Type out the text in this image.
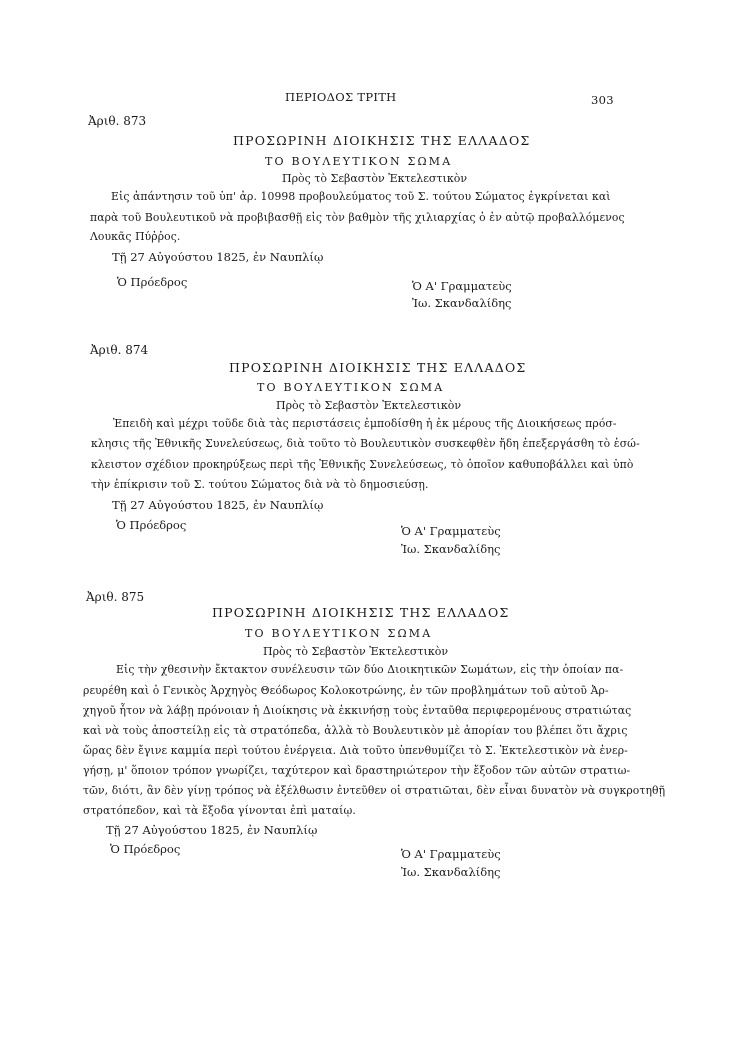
ΠΕΡΙΟΔΟΣ ΤΡΙΤΗ	303
Ἀριθ. 873
ΠΡΟΣΩΡΙΝΗ ΔΙΟΙΚΗΣΙΣ ΤΗΣ ΕΛΛΑΔΟΣ
ΤΟ ΒΟΥΛΕΥΤΙΚΟΝ ΣΩΜΑ
Πρὸς τὸ Σεβαστὸν Ἐκτελεστικὸν
Εἰς ἀπάντησιν τοῦ ὑπ' ἀρ. 10998 προβουλεύματος τοῦ Σ. τούτου Σώματος ἐγκρίνεται καὶ
παρὰ τοῦ Βουλευτικοῦ νὰ προβιβασθῇ εἰς τὸν βαθμὸν τῆς χιλιαρχίας ὁ ἐν αὐτῷ προβαλλόμενος
Λουκᾶς Πύῤῥος.
Τῇ 27 Αὐγούστου 1825, ἐν Ναυπλίῳ
Ὁ Πρόεδρος	Ὁ Α' Γραμματεὺς
Ἰω. Σκανδαλίδης
Ἀριθ. 874
ΠΡΟΣΩΡΙΝΗ ΔΙΟΙΚΗΣΙΣ ΤΗΣ ΕΛΛΑΔΟΣ
ΤΟ ΒΟΥΛΕΥΤΙΚΟΝ ΣΩΜΑ
Πρὸς τὸ Σεβαστὸν Ἐκτελεστικὸν
Ἐπειδὴ καὶ μέχρι τοῦδε διὰ τὰς περιστάσεις ἐμποδίσθη ἡ ἐκ μέρους τῆς Διοικήσεως πρόσ-
κλησις τῆς Ἐθνικῆς Συνελεύσεως, διὰ τοῦτο τὸ Βουλευτικὸν συσκεφθὲν ἤδη ἐπεξεργάσθη τὸ ἐσώ-
κλειστον σχέδιον προκηρύξεως περὶ τῆς Ἐθνικῆς Συνελεύσεως, τὸ ὁποῖον καθυποβάλλει καὶ ὑπὸ
τὴν ἐπίκρισιν τοῦ Σ. τούτου Σώματος διὰ νὰ τὸ δημοσιεύσῃ.
Τῇ 27 Αὐγούστου 1825, ἐν Ναυπλίῳ
Ὁ Πρόεδρος	Ὁ Α' Γραμματεὺς
Ἰω. Σκανδαλίδης
Ἀριθ. 875
ΠΡΟΣΩΡΙΝΗ ΔΙΟΙΚΗΣΙΣ ΤΗΣ ΕΛΛΑΔΟΣ
ΤΟ ΒΟΥΛΕΥΤΙΚΟΝ ΣΩΜΑ
Πρὸς τὸ Σεβαστὸν Ἐκτελεστικὸν
Εἰς τὴν χθεσινὴν ἔκτακτον συνέλευσιν τῶν δύο Διοικητικῶν Σωμάτων, εἰς τὴν ὁποίαν πα-
ρευρέθη καὶ ὁ Γενικὸς Ἀρχηγὸς Θεόδωρος Κολοκοτρώνης, ἐν τῶν προβλημάτων τοῦ αὐτοῦ Ἀρ-
χηγοῦ ἦτον νὰ λάβῃ πρόνοιαν ἡ Διοίκησις νὰ ἐκκινήσῃ τοὺς ἐνταῦθα περιφερομένους στρατιώτας
καὶ νὰ τοὺς ἀποστείλῃ εἰς τὰ στρατόπεδα, ἀλλὰ τὸ Βουλευτικὸν μὲ ἀπορίαν του βλέπει ὅτι ἄχρις
ὥρας δὲν ἔγινε καμμία περὶ τούτου ἐνέργεια. Διὰ τοῦτο ὑπενθυμίζει τὸ Σ. Ἐκτελεστικὸν νὰ ἐνερ-
γήσῃ, μ' ὅποιον τρόπον γνωρίζει, ταχύτερον καὶ δραστηριώτερον τὴν ἔξοδον τῶν αὐτῶν στρατιω-
τῶν, διότι, ἂν δὲν γίνῃ τρόπος νὰ ἐξέλθωσιν ἐντεῦθεν οἱ στρατιῶται, δὲν εἶναι δυνατὸν νὰ συγκροτηθῇ
στρατόπεδον, καὶ τὰ ἔξοδα γίνονται ἐπὶ ματαίῳ.
Τῇ 27 Αὐγούστου 1825, ἐν Ναυπλίῳ
Ὁ Πρόεδρος	Ὁ Α' Γραμματεὺς
Ἰω. Σκανδαλίδης
